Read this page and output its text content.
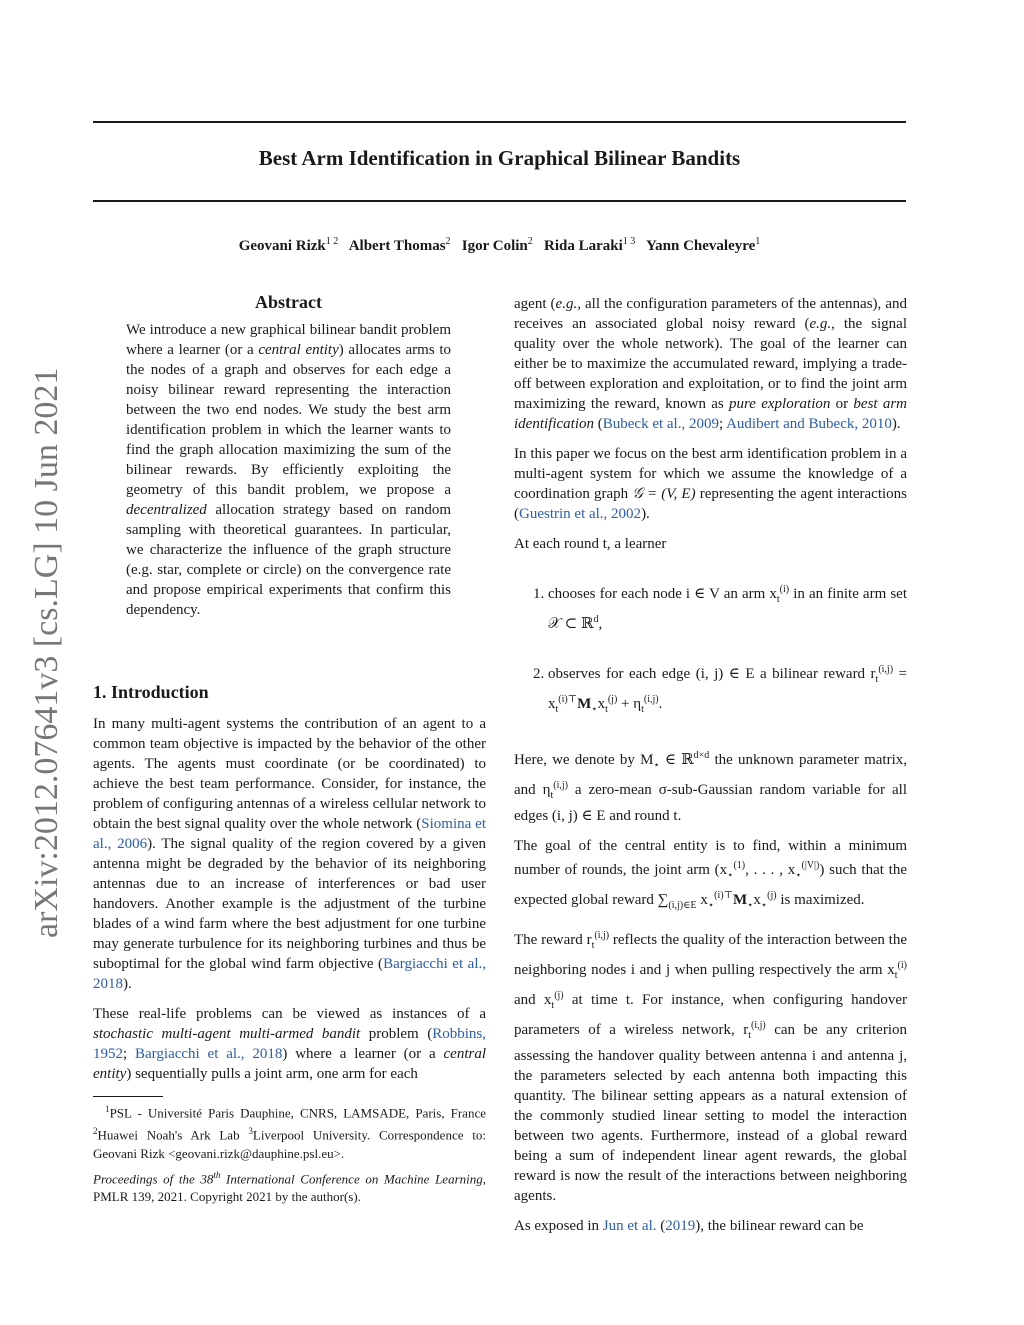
Best Arm Identification in Graphical Bilinear Bandits
Geovani Rizk$^{1 2}$ Albert Thomas$^2$ Igor Colin$^2$ Rida Laraki$^{1 3}$ Yann Chevaleyre$^1$
arXiv:2012.07641v3 [cs.LG] 10 Jun 2021
Abstract

We introduce a new graphical bilinear bandit problem where a learner (or a central entity) allocates arms to the nodes of a graph and observes for each edge a noisy bilinear reward representing the interaction between the two end nodes. We study the best arm identification problem in which the learner wants to find the graph allocation maximizing the sum of the bilinear rewards. By efficiently exploiting the geometry of this bandit problem, we propose a decentralized allocation strategy based on random sampling with theoretical guarantees. In particular, we characterize the influence of the graph structure (e.g. star, complete or circle) on the convergence rate and propose empirical experiments that confirm this dependency.

1. Introduction

In many multi-agent systems the contribution of an agent to a common team objective is impacted by the behavior of the other agents. The agents must coordinate (or be coordinated) to achieve the best team performance. Consider, for instance, the problem of configuring antennas of a wireless cellular network to obtain the best signal quality over the whole network (Siomina et al., 2006). The signal quality of the region covered by a given antenna might be degraded by the behavior of its neighboring antennas due to an increase of interferences or bad user handovers. Another example is the adjustment of the turbine blades of a wind farm where the best adjustment for one turbine may generate turbulence for its neighboring turbines and thus be suboptimal for the global wind farm objective (Bargiacchi et al., 2018).

These real-life problems can be viewed as instances of a stochastic multi-agent multi-armed bandit problem (Robbins, 1952; Bargiacchi et al., 2018) where a learner (or a central entity) sequentially pulls a joint arm, one arm for each

$^1$PSL - Université Paris Dauphine, CNRS, LAMSADE, Paris, France $^2$Huawei Noah's Ark Lab $^3$Liverpool University. Correspondence to: Geovani Rizk <geovani.rizk@dauphine.psl.eu>.
Proceedings of the 38th International Conference on Machine Learning, PMLR 139, 2021. Copyright 2021 by the author(s).

agent (e.g., all the configuration parameters of the antennas), and receives an associated global noisy reward (e.g., the signal quality over the whole network). The goal of the learner can either be to maximize the accumulated reward, implying a trade-off between exploration and exploitation, or to find the joint arm maximizing the reward, known as pure exploration or best arm identification (Bubeck et al., 2009; Audibert and Bubeck, 2010).

In this paper we focus on the best arm identification problem in a multi-agent system for which we assume the knowledge of a coordination graph 𝒢 = (V, E) representing the agent interactions (Guestrin et al., 2002).

At each round t, a learner

1. chooses for each node i ∈ V an arm $x_t^{(i)}$ in an finite arm set 𝒳 ⊂ ℝ$^d$,
2. observes for each edge (i, j) ∈ E a bilinear reward $r_t^{(i,j)} = x_t^{(i)⊤}M_⋆x_t^{(j)} + \eta_t^{(i,j)}$.

Here, we denote by $M_⋆$ ∈ ℝ$^{d\times d}$ the unknown parameter matrix, and $\eta_t^{(i,j)}$ a zero-mean σ-sub-Gaussian random variable for all edges (i, j) ∈ E and round t.

The goal of the central entity is to find, within a minimum number of rounds, the joint arm ($x_⋆^{(1)}$, . . . , $x_⋆^{(|V|)}$) such that the expected global reward $\sum_{(i,j)\in E}$ $x_⋆^{(i)⊤}M_⋆x_⋆^{(j)}$ is maximized.

The reward $r_t^{(i,j)}$ reflects the quality of the interaction between the neighboring nodes i and j when pulling respectively the arm $x_t^{(i)}$ and $x_t^{(j)}$ at time t. For instance, when configuring handover parameters of a wireless network, $r_t^{(i,j)}$ can be any criterion assessing the handover quality between antenna i and antenna j, the parameters selected by each antenna both impacting this quantity. The bilinear setting appears as a natural extension of the commonly studied linear setting to model the interaction between two agents. Furthermore, instead of a global reward being a sum of independent linear agent rewards, the global reward is now the result of the interactions between neighboring agents.

As exposed in Jun et al. (2019), the bilinear reward can be
